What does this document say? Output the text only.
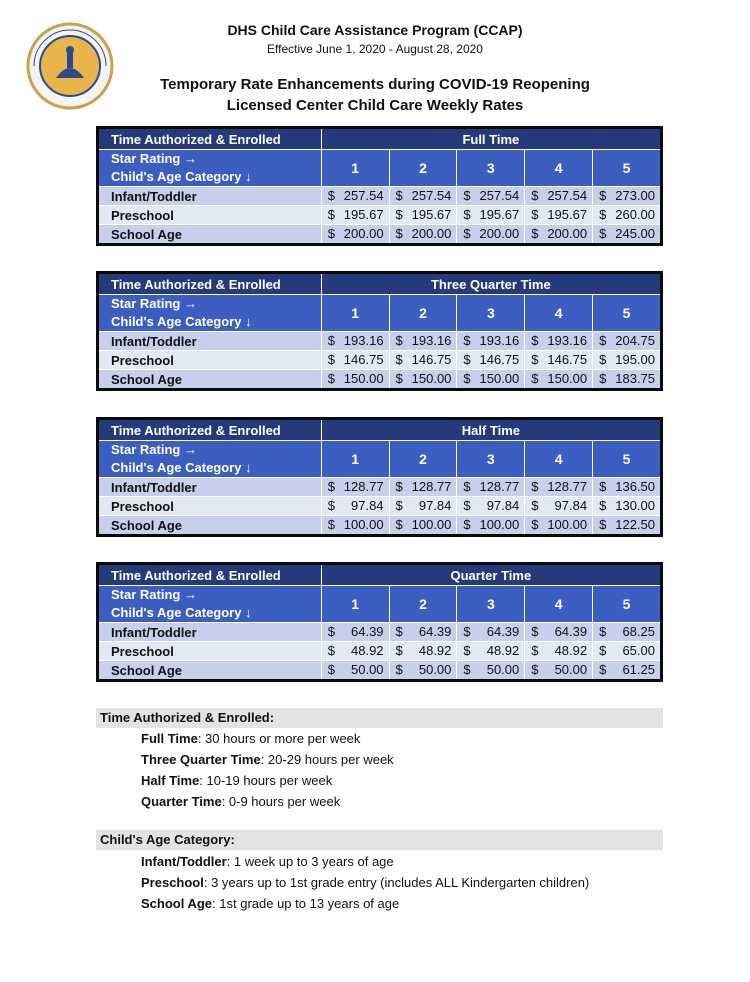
DHS Child Care Assistance Program (CCAP)
Effective June 1, 2020 - August 28, 2020
Temporary Rate Enhancements during COVID-19 Reopening
Licensed Center Child Care Weekly Rates
Time Authorized & Enrolled	Full Time				

Star Rating →
Child's Age Category ↓	1	2	3	4	5
Infant/Toddler	$ 257.54	$ 257.54	$ 257.54	$ 257.54	$ 273.00

Preschool	$ 195.67	$ 195.67	$ 195.67	$ 195.67	$ 260.00

School Age	$ 200.00	$ 200.00	$ 200.00	$ 200.00	$ 245.00
Time Authorized & Enrolled	Three Quarter Time				

Star Rating →
Child's Age Category ↓	1	2	3	4	5
Infant/Toddler	$ 193.16	$ 193.16	$ 193.16	$ 193.16	$ 204.75

Preschool	$ 146.75	$ 146.75	$ 146.75	$ 146.75	$ 195.00

School Age	$ 150.00	$ 150.00	$ 150.00	$ 150.00	$ 183.75
Time Authorized & Enrolled	Half Time				

Star Rating →
Child's Age Category ↓	1	2	3	4	5
Infant/Toddler	$ 128.77	$ 128.77	$ 128.77	$ 128.77	$ 136.50

Preschool	$ 97.84	$ 97.84	$ 97.84	$ 97.84	$ 130.00

School Age	$ 100.00	$ 100.00	$ 100.00	$ 100.00	$ 122.50
Time Authorized & Enrolled	Quarter Time				

Star Rating →
Child's Age Category ↓	1	2	3	4	5
Infant/Toddler	$ 64.39	$ 64.39	$ 64.39	$ 64.39	$ 68.25

Preschool	$ 48.92	$ 48.92	$ 48.92	$ 48.92	$ 65.00

School Age	$ 50.00	$ 50.00	$ 50.00	$ 50.00	$ 61.25
Time Authorized & Enrolled:
Full Time: 30 hours or more per week
Three Quarter Time: 20-29 hours per week
Half Time: 10-19 hours per week
Quarter Time: 0-9 hours per week
Child's Age Category:
Infant/Toddler: 1 week up to 3 years of age
Preschool: 3 years up to 1st grade entry (includes ALL Kindergarten children)
School Age: 1st grade up to 13 years of age
